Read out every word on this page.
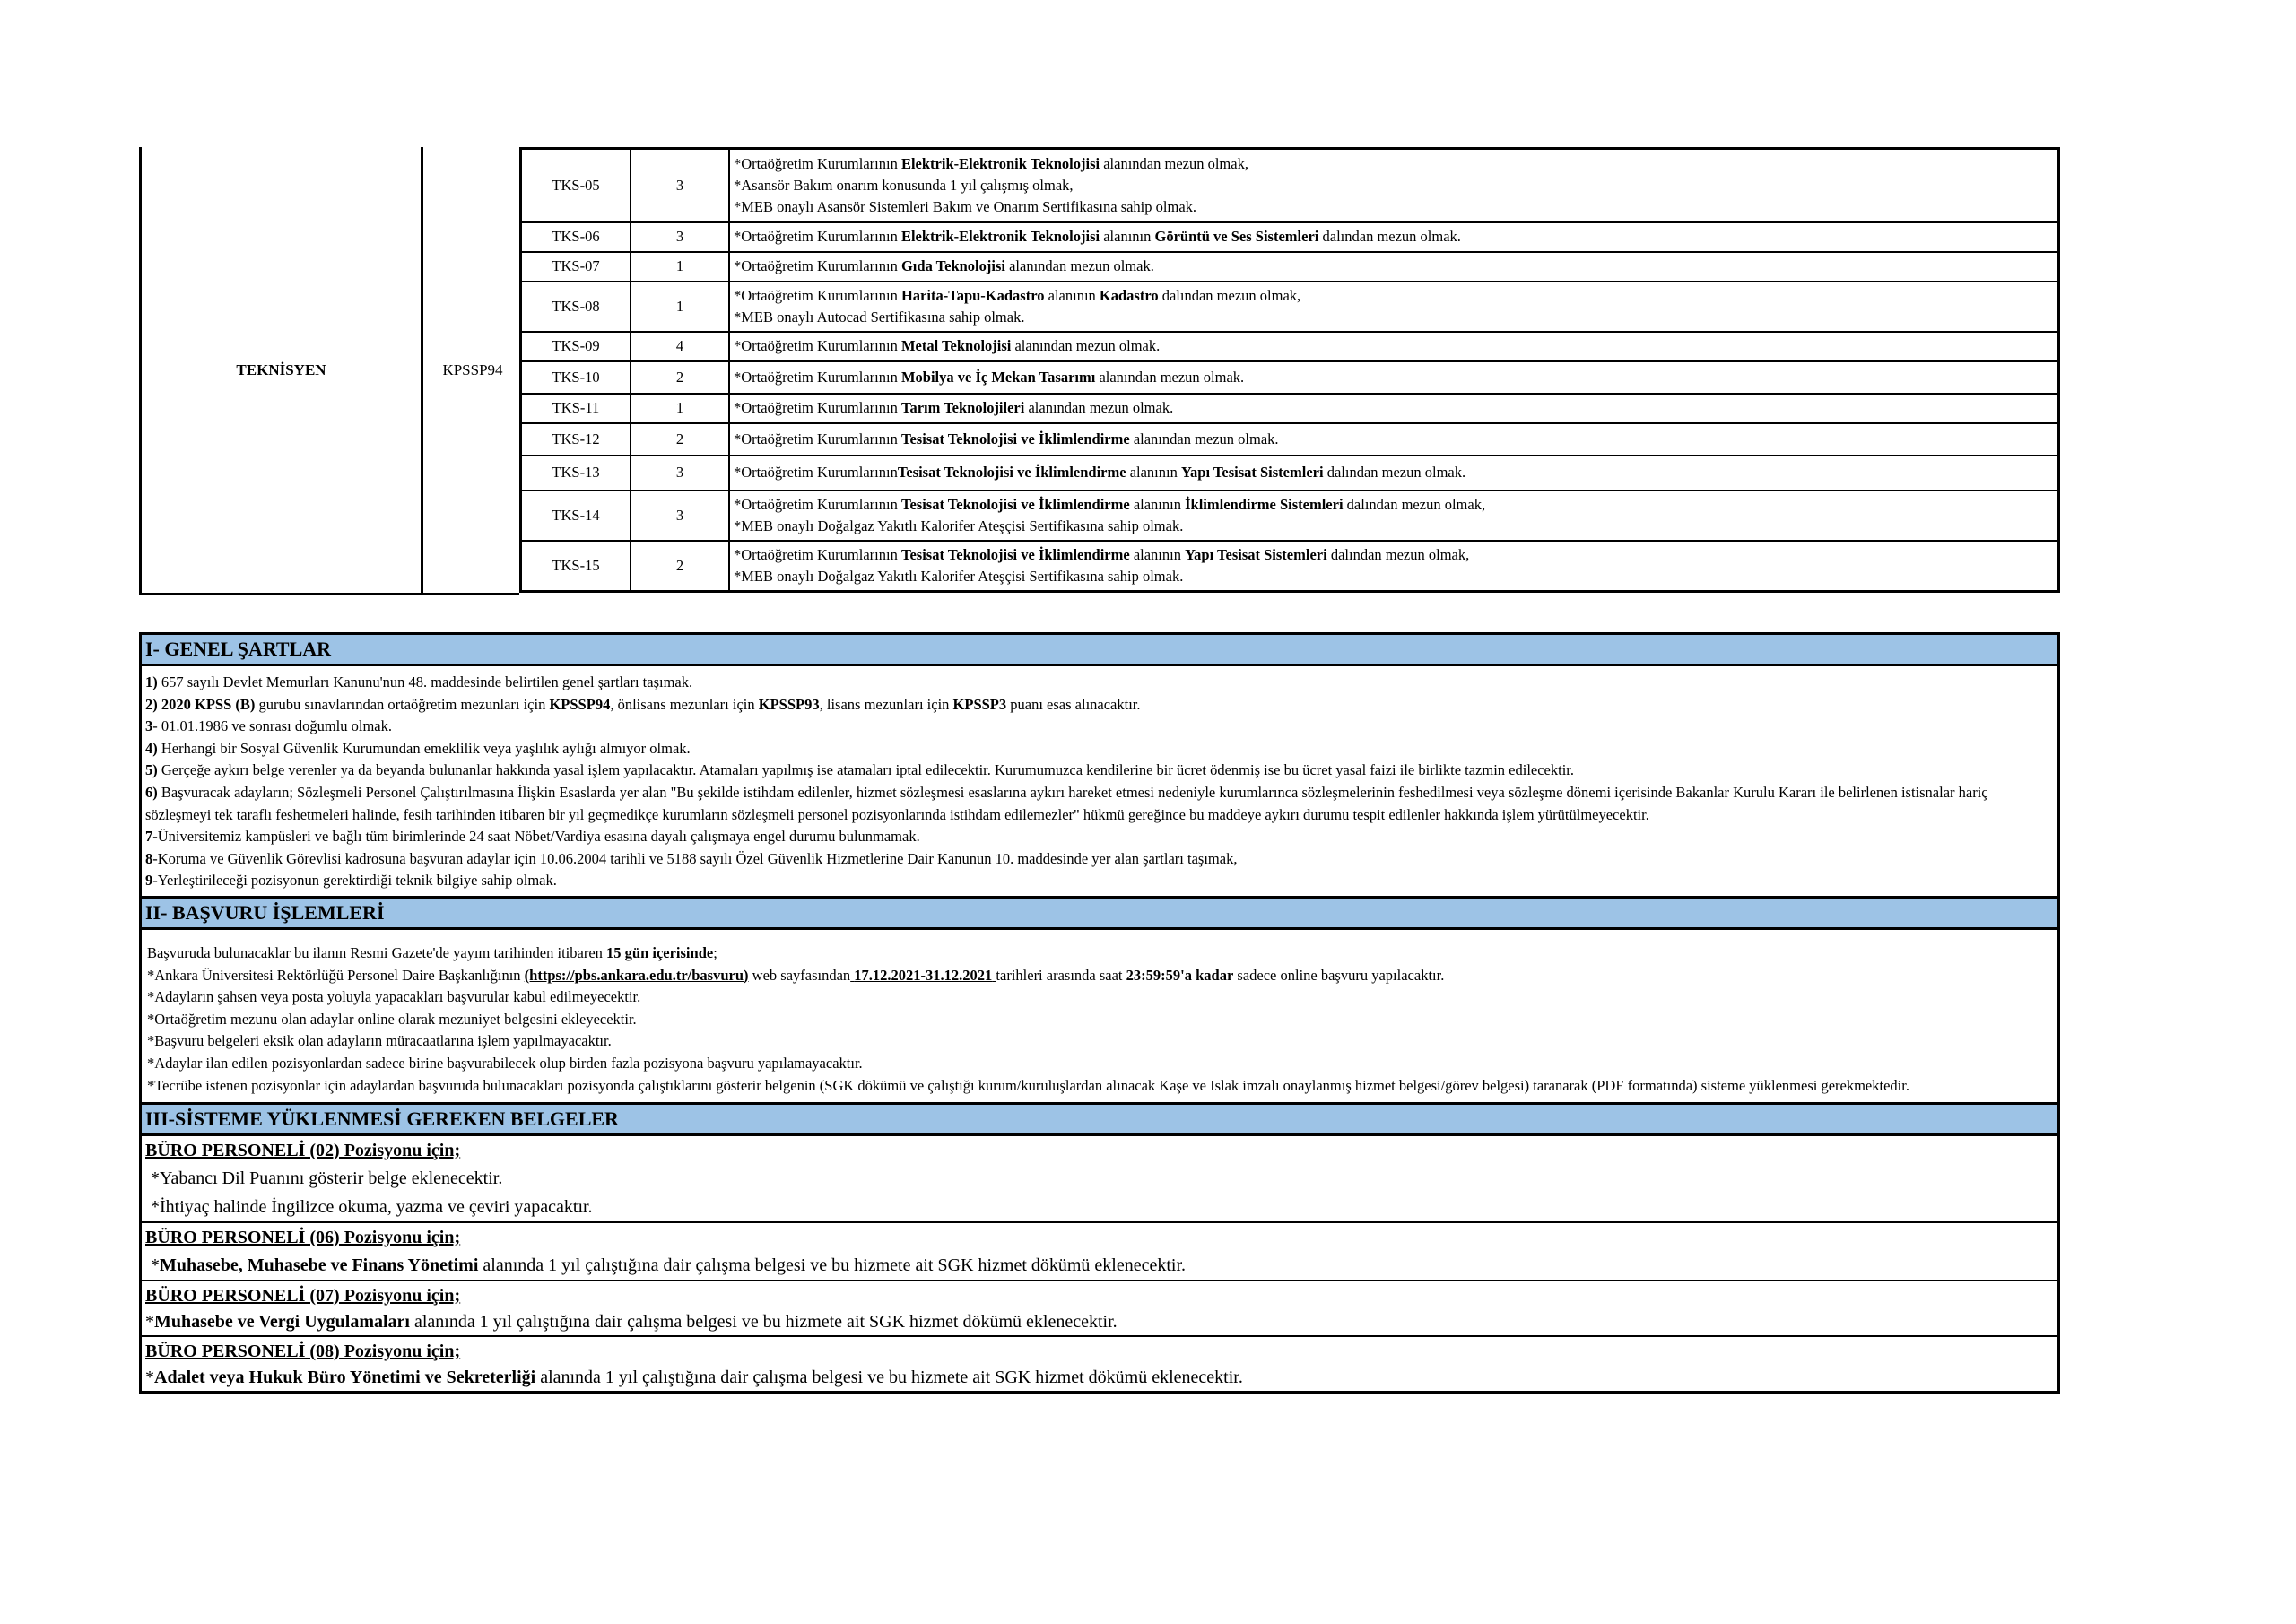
TEKNİSYEN	KPSSP94
TKS-05	3	*Ortaöğretim Kurumlarının Elektrik-Elektronik Teknolojisi alanından mezun olmak,
*Asansör Bakım onarım konusunda 1 yıl çalışmış olmak,
*MEB onaylı Asansör Sistemleri Bakım ve Onarım Sertifikasına sahip olmak.
TKS-06	3	*Ortaöğretim Kurumlarının Elektrik-Elektronik Teknolojisi alanının Görüntü ve Ses Sistemleri dalından mezun olmak.
TKS-07	1	*Ortaöğretim Kurumlarının Gıda Teknolojisi alanından mezun olmak.
TKS-08	1	*Ortaöğretim Kurumlarının Harita-Tapu-Kadastro alanının Kadastro dalından mezun olmak,
*MEB onaylı Autocad Sertifikasına sahip olmak.
TKS-09	4	*Ortaöğretim Kurumlarının Metal Teknolojisi alanından mezun olmak.
TKS-10	2	*Ortaöğretim Kurumlarının Mobilya ve İç Mekan Tasarımı alanından mezun olmak.
TKS-11	1	*Ortaöğretim Kurumlarının Tarım Teknolojileri alanından mezun olmak.
TKS-12	2	*Ortaöğretim Kurumlarının Tesisat Teknolojisi ve İklimlendirme alanından mezun olmak.
TKS-13	3	*Ortaöğretim KurumlarınınTesisat Teknolojisi ve İklimlendirme alanının Yapı Tesisat Sistemleri dalından mezun olmak.
TKS-14	3	*Ortaöğretim Kurumlarının Tesisat Teknolojisi ve İklimlendirme alanının İklimlendirme Sistemleri dalından mezun olmak,
*MEB onaylı Doğalgaz Yakıtlı Kalorifer Ateşçisi Sertifikasına sahip olmak.
TKS-15	2	*Ortaöğretim Kurumlarının Tesisat Teknolojisi ve İklimlendirme alanının Yapı Tesisat Sistemleri dalından mezun olmak,
*MEB onaylı Doğalgaz Yakıtlı Kalorifer Ateşçisi Sertifikasına sahip olmak.
I- GENEL ŞARTLAR

1) 657 sayılı Devlet Memurları Kanunu'nun 48. maddesinde belirtilen genel şartları taşımak.

2) 2020 KPSS (B) gurubu sınavlarından ortaöğretim mezunları için KPSSP94, önlisans mezunları için KPSSP93, lisans mezunları için KPSSP3 puanı esas alınacaktır.

3- 01.01.1986 ve sonrası doğumlu olmak.

4) Herhangi bir Sosyal Güvenlik Kurumundan emeklilik veya yaşlılık aylığı almıyor olmak.

5) Gerçeğe aykırı belge verenler ya da beyanda bulunanlar hakkında yasal işlem yapılacaktır. Atamaları yapılmış ise atamaları iptal edilecektir. Kurumumuzca kendilerine bir ücret ödenmiş ise bu ücret yasal faizi ile birlikte tazmin edilecektir.

6) Başvuracak adayların; Sözleşmeli Personel Çalıştırılmasına İlişkin Esaslarda yer alan "Bu şekilde istihdam edilenler, hizmet sözleşmesi esaslarına aykırı hareket etmesi nedeniyle kurumlarınca sözleşmelerinin feshedilmesi veya sözleşme dönemi içerisinde Bakanlar Kurulu Kararı ile belirlenen istisnalar hariç sözleşmeyi tek taraflı feshetmeleri halinde, fesih tarihinden itibaren bir yıl geçmedikçe kurumların sözleşmeli personel pozisyonlarında istihdam edilemezler" hükmü gereğince bu maddeye aykırı durumu tespit edilenler hakkında işlem yürütülmeyecektir.

7-Üniversitemiz kampüsleri ve bağlı tüm birimlerinde 24 saat Nöbet/Vardiya esasına dayalı çalışmaya engel durumu bulunmamak.

8-Koruma ve Güvenlik Görevlisi kadrosuna başvuran adaylar için 10.06.2004 tarihli ve 5188 sayılı Özel Güvenlik Hizmetlerine Dair Kanunun 10. maddesinde yer alan şartları taşımak,

9-Yerleştirileceği pozisyonun gerektirdiği teknik bilgiye sahip olmak.

II- BAŞVURU İŞLEMLERİ

Başvuruda bulunacaklar bu ilanın Resmi Gazete'de yayım tarihinden itibaren 15 gün içerisinde;

*Ankara Üniversitesi Rektörlüğü Personel Daire Başkanlığının (https://pbs.ankara.edu.tr/basvuru) web sayfasından 17.12.2021-31.12.2021 tarihleri arasında saat 23:59:59'a kadar sadece online başvuru yapılacaktır.

*Adayların şahsen veya posta yoluyla yapacakları başvurular kabul edilmeyecektir.

*Ortaöğretim mezunu olan adaylar online olarak mezuniyet belgesini ekleyecektir.

*Başvuru belgeleri eksik olan adayların müracaatlarına işlem yapılmayacaktır.

*Adaylar ilan edilen pozisyonlardan sadece birine başvurabilecek olup birden fazla pozisyona başvuru yapılamayacaktır.

*Tecrübe istenen pozisyonlar için adaylardan başvuruda bulunacakları pozisyonda çalıştıklarını gösterir belgenin (SGK dökümü ve çalıştığı kurum/kuruluşlardan alınacak Kaşe ve Islak imzalı onaylanmış hizmet belgesi/görev belgesi) taranarak (PDF formatında) sisteme yüklenmesi gerekmektedir.

III-SİSTEME YÜKLENMESİ GEREKEN BELGELER
BÜRO PERSONELİ (02) Pozisyonu için;
*Yabancı Dil Puanını gösterir belge eklenecektir.
*İhtiyaç halinde İngilizce okuma, yazma ve çeviri yapacaktır.
BÜRO PERSONELİ (06) Pozisyonu için;
*Muhasebe, Muhasebe ve Finans Yönetimi alanında 1 yıl çalıştığına dair çalışma belgesi ve bu hizmete ait SGK hizmet dökümü eklenecektir.
BÜRO PERSONELİ (07) Pozisyonu için;
*Muhasebe ve Vergi Uygulamaları alanında 1 yıl çalıştığına dair çalışma belgesi ve bu hizmete ait SGK hizmet dökümü eklenecektir.
BÜRO PERSONELİ (08) Pozisyonu için;
*Adalet veya Hukuk Büro Yönetimi ve Sekreterliği alanında 1 yıl çalıştığına dair çalışma belgesi ve bu hizmete ait SGK hizmet dökümü eklenecektir.
